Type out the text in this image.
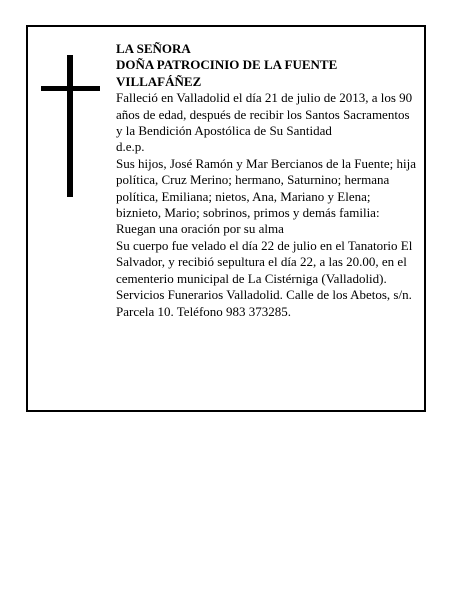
LA SEÑORA

DOÑA PATROCINIO DE LA FUENTE VILLAFÁÑEZ

Falleció en Valladolid el día 21 de julio de 2013, a los 90 años de edad, después de recibir los Santos Sacramentos y la Bendición Apostólica de Su Santidad

d.e.p.

Sus hijos, José Ramón y Mar Bercianos de la Fuente; hija política, Cruz Merino; hermano, Saturnino; hermana política, Emiliana; nietos, Ana, Mariano y Elena; biznieto, Mario; sobrinos, primos y demás familia:

Ruegan una oración por su alma

Su cuerpo fue velado el día 22 de julio en el Tanatorio El Salvador, y recibió sepultura el día 22, a las 20.00, en el cementerio municipal de La Cistérniga (Valladolid).

Servicios Funerarios Valladolid. Calle de los Abetos, s/n. Parcela 10. Teléfono 983 373285.
